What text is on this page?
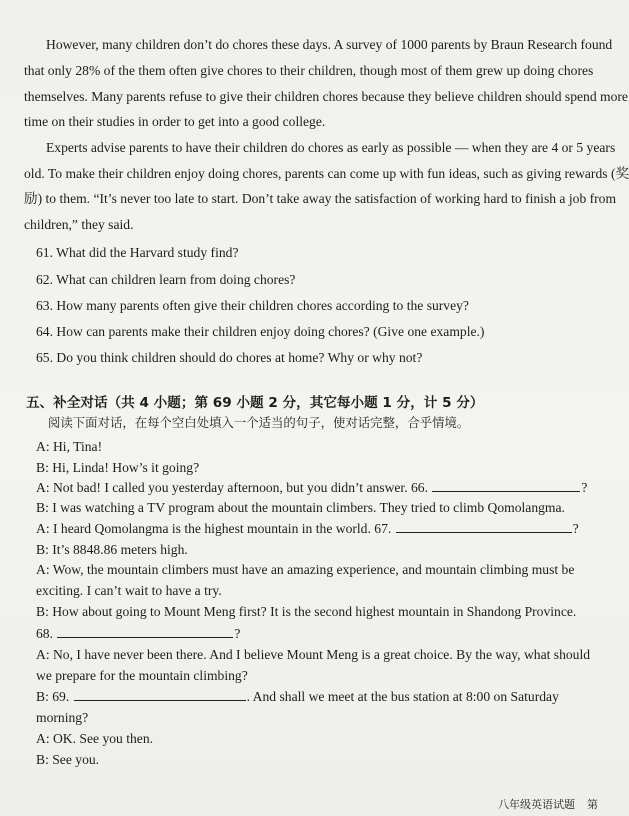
However, many children don’t do chores these days. A survey of 1000 parents by Braun Research found
that only 28% of the them often give chores to their children, though most of them grew up doing chores
themselves. Many parents refuse to give their children chores because they believe children should spend more
time on their studies in order to get into a good college.
Experts advise parents to have their children do chores as early as possible — when they are 4 or 5 years
old. To make their children enjoy doing chores, parents can come up with fun ideas, such as giving rewards (奖
励) to them. “It’s never too late to start. Don’t take away the satisfaction of working hard to finish a job from
children,” they said.
61. What did the Harvard study find?
62. What can children learn from doing chores?
63. How many parents often give their children chores according to the survey?
64. How can parents make their children enjoy doing chores? (Give one example.)
65. Do you think children should do chores at home? Why or why not?
五、补全对话（共 4 小题；第 69 小题 2 分，其它每小题 1 分，计 5 分）
阅读下面对话，在每个空白处填入一个适当的句子，使对话完整，合乎情境。
A: Hi, Tina!
B: Hi, Linda! How’s it going?
A: Not bad! I called you yesterday afternoon, but you didn’t answer. 66.	?
B: I was watching a TV program about the mountain climbers. They tried to climb Qomolangma.
A: I heard Qomolangma is the highest mountain in the world. 67.	?
B: It’s 8848.86 meters high.
A: Wow, the mountain climbers must have an amazing experience, and mountain climbing must be
exciting. I can’t wait to have a try.
B: How about going to Mount Meng first? It is the second highest mountain in Shandong Province.
68.	?
A: No, I have never been there. And I believe Mount Meng is a great choice. By the way, what should
we prepare for the mountain climbing?
B: 69.	. And shall we meet at the bus station at 8:00 on Saturday
morning?
A: OK. See you then.
B: See you.
八年级英语试题 第
